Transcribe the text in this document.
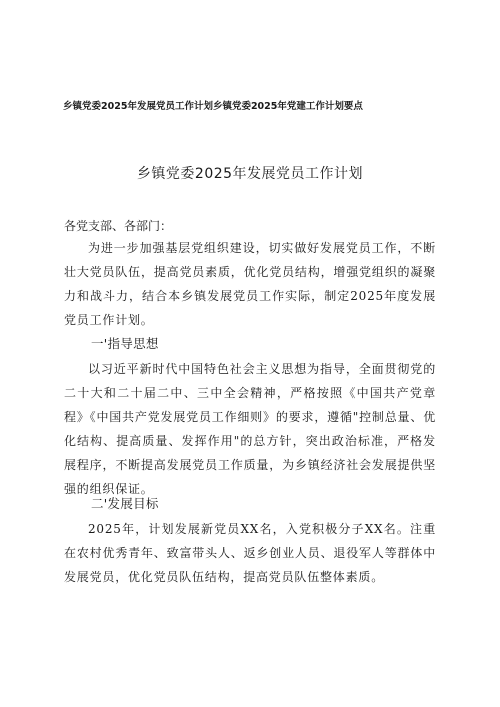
乡镇党委2025年发展党员工作计划乡镇党委2025年党建工作计划要点
乡镇党委2025年发展党员工作计划
各党支部、各部门：

为进一步加强基层党组织建设，切实做好发展党员工作，不断壮大党员队伍，提高党员素质，优化党员结构，增强党组织的凝聚力和战斗力，结合本乡镇发展党员工作实际，制定2025年度发展党员工作计划。

一'指导思想

以习近平新时代中国特色社会主义思想为指导，全面贯彻党的二十大和二十届二中、三中全会精神，严格按照《中国共产党章程》《中国共产党发展党员工作细则》的要求，遵循"控制总量、优化结构、提高质量、发挥作用"的总方针，突出政治标准，严格发展程序，不断提高发展党员工作质量，为乡镇经济社会发展提供坚强的组织保证。

二'发展目标

2025年，计划发展新党员XX名，入党积极分子XX名。注重在农村优秀青年、致富带头人、返乡创业人员、退役军人等群体中发展党员，优化党员队伍结构，提高党员队伍整体素质。
